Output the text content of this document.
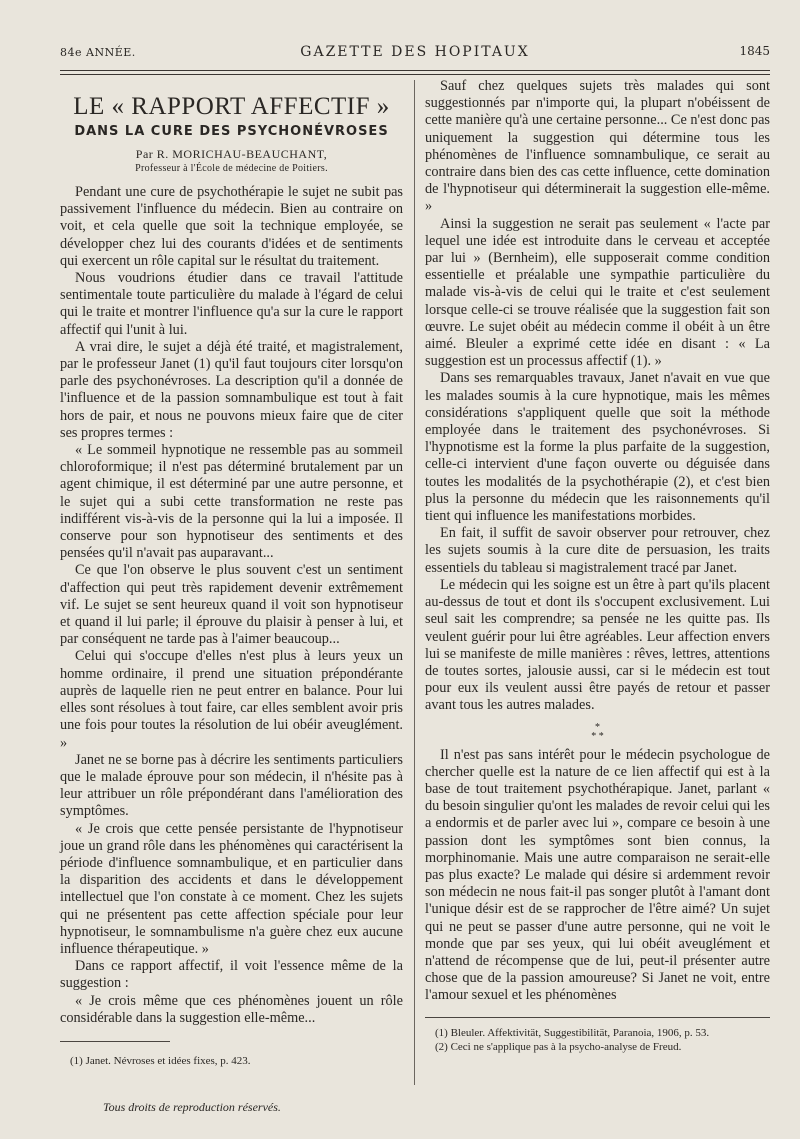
84e ANNÉE.	GAZETTE DES HOPITAUX	1845
LE « RAPPORT AFFECTIF »
DANS LA CURE DES PSYCHONÉVROSES
Par R. MORICHAU-BEAUCHANT,
Professeur à l'École de médecine de Poitiers.

Pendant une cure de psychothérapie le sujet ne subit pas passivement l'influence du médecin. Bien au contraire on voit, et cela quelle que soit la technique employée, se développer chez lui des courants d'idées et de sentiments qui exercent un rôle capital sur le résultat du traitement.

Nous voudrions étudier dans ce travail l'attitude sentimentale toute particulière du malade à l'égard de celui qui le traite et montrer l'influence qu'a sur la cure le rapport affectif qui l'unit à lui.

A vrai dire, le sujet a déjà été traité, et magistralement, par le professeur Janet (1) qu'il faut toujours citer lorsqu'on parle des psychonévroses. La description qu'il a donnée de l'influence et de la passion somnambulique est tout à fait hors de pair, et nous ne pouvons mieux faire que de citer ses propres termes :

« Le sommeil hypnotique ne ressemble pas au sommeil chloroformique; il n'est pas déterminé brutalement par un agent chimique, il est déterminé par une autre personne, et le sujet qui a subi cette transformation ne reste pas indifférent vis-à-vis de la personne qui la lui a imposée. Il conserve pour son hypnotiseur des sentiments et des pensées qu'il n'avait pas auparavant...

Ce que l'on observe le plus souvent c'est un sentiment d'affection qui peut très rapidement devenir extrêmement vif. Le sujet se sent heureux quand il voit son hypnotiseur et quand il lui parle; il éprouve du plaisir à penser à lui, et par conséquent ne tarde pas à l'aimer beaucoup...

Celui qui s'occupe d'elles n'est plus à leurs yeux un homme ordinaire, il prend une situation prépondérante auprès de laquelle rien ne peut entrer en balance. Pour lui elles sont résolues à tout faire, car elles semblent avoir pris une fois pour toutes la résolution de lui obéir aveuglément. »

Janet ne se borne pas à décrire les sentiments particuliers que le malade éprouve pour son médecin, il n'hésite pas à leur attribuer un rôle prépondérant dans l'amélioration des symptômes.

« Je crois que cette pensée persistante de l'hypnotiseur joue un grand rôle dans les phénomènes qui caractérisent la période d'influence somnambulique, et en particulier dans la disparition des accidents et dans le développement intellectuel que l'on constate à ce moment. Chez les sujets qui ne présentent pas cette affection spéciale pour leur hypnotiseur, le somnambulisme n'a guère chez eux aucune influence thérapeutique. »

Dans ce rapport affectif, il voit l'essence même de la suggestion :

« Je crois même que ces phénomènes jouent un rôle considérable dans la suggestion elle-même...

(1) Janet. Névroses et idées fixes, p. 423.

Sauf chez quelques sujets très malades qui sont suggestionnés par n'importe qui, la plupart n'obéissent de cette manière qu'à une certaine personne... Ce n'est donc pas uniquement la suggestion qui détermine tous les phénomènes de l'influence somnambulique, ce serait au contraire dans bien des cas cette influence, cette domination de l'hypnotiseur qui déterminerait la suggestion elle-même. »

Ainsi la suggestion ne serait pas seulement « l'acte par lequel une idée est introduite dans le cerveau et acceptée par lui » (Bernheim), elle supposerait comme condition essentielle et préalable une sympathie particulière du malade vis-à-vis de celui qui le traite et c'est seulement lorsque celle-ci se trouve réalisée que la suggestion fait son œuvre. Le sujet obéit au médecin comme il obéit à un être aimé. Bleuler a exprimé cette idée en disant : « La suggestion est un processus affectif (1). »

Dans ses remarquables travaux, Janet n'avait en vue que les malades soumis à la cure hypnotique, mais les mêmes considérations s'appliquent quelle que soit la méthode employée dans le traitement des psychonévroses. Si l'hypnotisme est la forme la plus parfaite de la suggestion, celle-ci intervient d'une façon ouverte ou déguisée dans toutes les modalités de la psychothérapie (2), et c'est bien plus la personne du médecin que les raisonnements qu'il tient qui influence les manifestations morbides.

En fait, il suffit de savoir observer pour retrouver, chez les sujets soumis à la cure dite de persuasion, les traits essentiels du tableau si magistralement tracé par Janet.

Le médecin qui les soigne est un être à part qu'ils placent au-dessus de tout et dont ils s'occupent exclusivement. Lui seul sait les comprendre; sa pensée ne les quitte pas. Ils veulent guérir pour lui être agréables. Leur affection envers lui se manifeste de mille manières : rêves, lettres, attentions de toutes sortes, jalousie aussi, car si le médecin est tout pour eux ils veulent aussi être payés de retour et passer avant tous les autres malades.

*
* *

Il n'est pas sans intérêt pour le médecin psychologue de chercher quelle est la nature de ce lien affectif qui est à la base de tout traitement psychothérapique. Janet, parlant « du besoin singulier qu'ont les malades de revoir celui qui les a endormis et de parler avec lui », compare ce besoin à une passion dont les symptômes sont bien connus, la morphinomanie. Mais une autre comparaison ne serait-elle pas plus exacte? Le malade qui désire si ardemment revoir son médecin ne nous fait-il pas songer plutôt à l'amant dont l'unique désir est de se rapprocher de l'être aimé? Un sujet qui ne peut se passer d'une autre personne, qui ne voit le monde que par ses yeux, qui lui obéit aveuglément et n'attend de récompense que de lui, peut-il présenter autre chose que de la passion amoureuse? Si Janet ne voit, entre l'amour sexuel et les phénomènes

(1) Bleuler. Affektivität, Suggestibilität, Paranoia, 1906, p. 53.

(2) Ceci ne s'applique pas à la psycho-analyse de Freud.

Tous droits de reproduction réservés.
